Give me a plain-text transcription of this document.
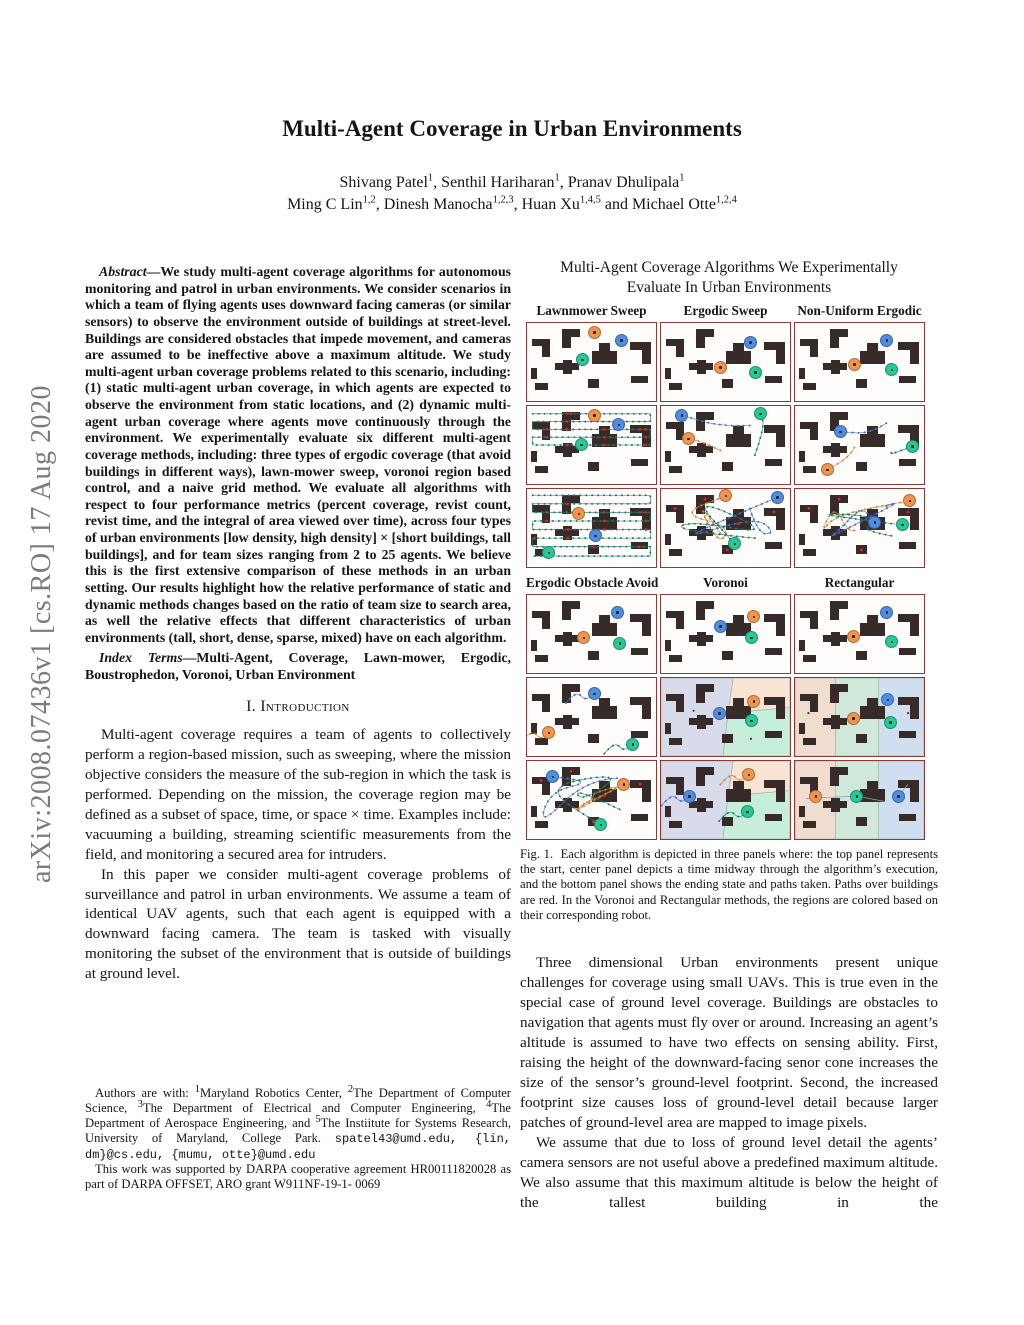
arXiv:2008.07436v1 [cs.RO] 17 Aug 2020
Multi-Agent Coverage in Urban Environments
Shivang Patel$^1$, Senthil Hariharan$^1$, Pranav Dhulipala$^1$
Ming C Lin$^{1,2}$, Dinesh Manocha$^{1,2,3}$, Huan Xu$^{1,4,5}$ and Michael Otte$^{1,2,4}$

Abstract—We study multi-agent coverage algorithms for autonomous monitoring and patrol in urban environments. We consider scenarios in which a team of flying agents uses downward facing cameras (or similar sensors) to observe the environment outside of buildings at street-level. Buildings are considered obstacles that impede movement, and cameras are assumed to be ineffective above a maximum altitude. We study multi-agent urban coverage problems related to this scenario, including: (1) static multi-agent urban coverage, in which agents are expected to observe the environment from static locations, and (2) dynamic multi-agent urban coverage where agents move continuously through the environment. We experimentally evaluate six different multi-agent coverage methods, including: three types of ergodic coverage (that avoid buildings in different ways), lawn-mower sweep, voronoi region based control, and a naive grid method. We evaluate all algorithms with respect to four performance metrics (percent coverage, revist count, revist time, and the integral of area viewed over time), across four types of urban environments [low density, high density] × [short buildings, tall buildings], and for team sizes ranging from 2 to 25 agents. We believe this is the first extensive comparison of these methods in an urban setting. Our results highlight how the relative performance of static and dynamic methods changes based on the ratio of team size to search area, as well the relative effects that different characteristics of urban environments (tall, short, dense, sparse, mixed) have on each algorithm.

Index Terms—Multi-Agent, Coverage, Lawn-mower, Ergodic, Boustrophedon, Voronoi, Urban Environment

I. Introduction

Multi-agent coverage requires a team of agents to collectively perform a region-based mission, such as sweeping, where the mission objective considers the measure of the sub-region in which the task is performed. Depending on the mission, the coverage region may be defined as a subset of space, time, or space × time. Examples include: vacuuming a building, streaming scientific measurements from the field, and monitoring a secured area for intruders.

In this paper we consider multi-agent coverage problems of surveillance and patrol in urban environments. We assume a team of identical UAV agents, such that each agent is equipped with a downward facing camera. The team is tasked with visually monitoring the subset of the environment that is outside of buildings at ground level.

Authors are with: $^1$Maryland Robotics Center, $^2$The Department of Computer Science, $^3$The Department of Electrical and Computer Engineering, $^4$The Department of Aerospace Engineering, and $^5$The Instiitute for Systems Research, University of Maryland, College Park. spatel43@umd.edu, {lin, dm}@cs.edu, {mumu, otte}@umd.edu

This work was supported by DARPA cooperative agreement HR00111820028 as part of DARPA OFFSET, ARO grant W911NF-19-1- 0069

Multi-Agent Coverage Algorithms We Experimentally
Evaluate In Urban Environments
Lawnmower Sweep	Ergodic Sweep	Non-Uniform Ergodic
Ergodic Obstacle Avoid	Voronoi	Rectangular

Fig. 1. Each algorithm is depicted in three panels where: the top panel represents the start, center panel depicts a time midway through the algorithm’s execution, and the bottom panel shows the ending state and paths taken. Paths over buildings are red. In the Voronoi and Rectangular methods, the regions are colored based on their corresponding robot.

Three dimensional Urban environments present unique challenges for coverage using small UAVs. This is true even in the special case of ground level coverage. Buildings are obstacles to navigation that agents must fly over or around. Increasing an agent’s altitude is assumed to have two effects on sensing ability. First, raising the height of the downward-facing senor cone increases the size of the sensor’s ground-level footprint. Second, the increased footprint size causes loss of ground-level detail because larger patches of ground-level area are mapped to image pixels.

We assume that due to loss of ground level detail the agents’ camera sensors are not useful above a predefined maximum altitude. We also assume that this maximum altitude is below the height of the tallest building in the
